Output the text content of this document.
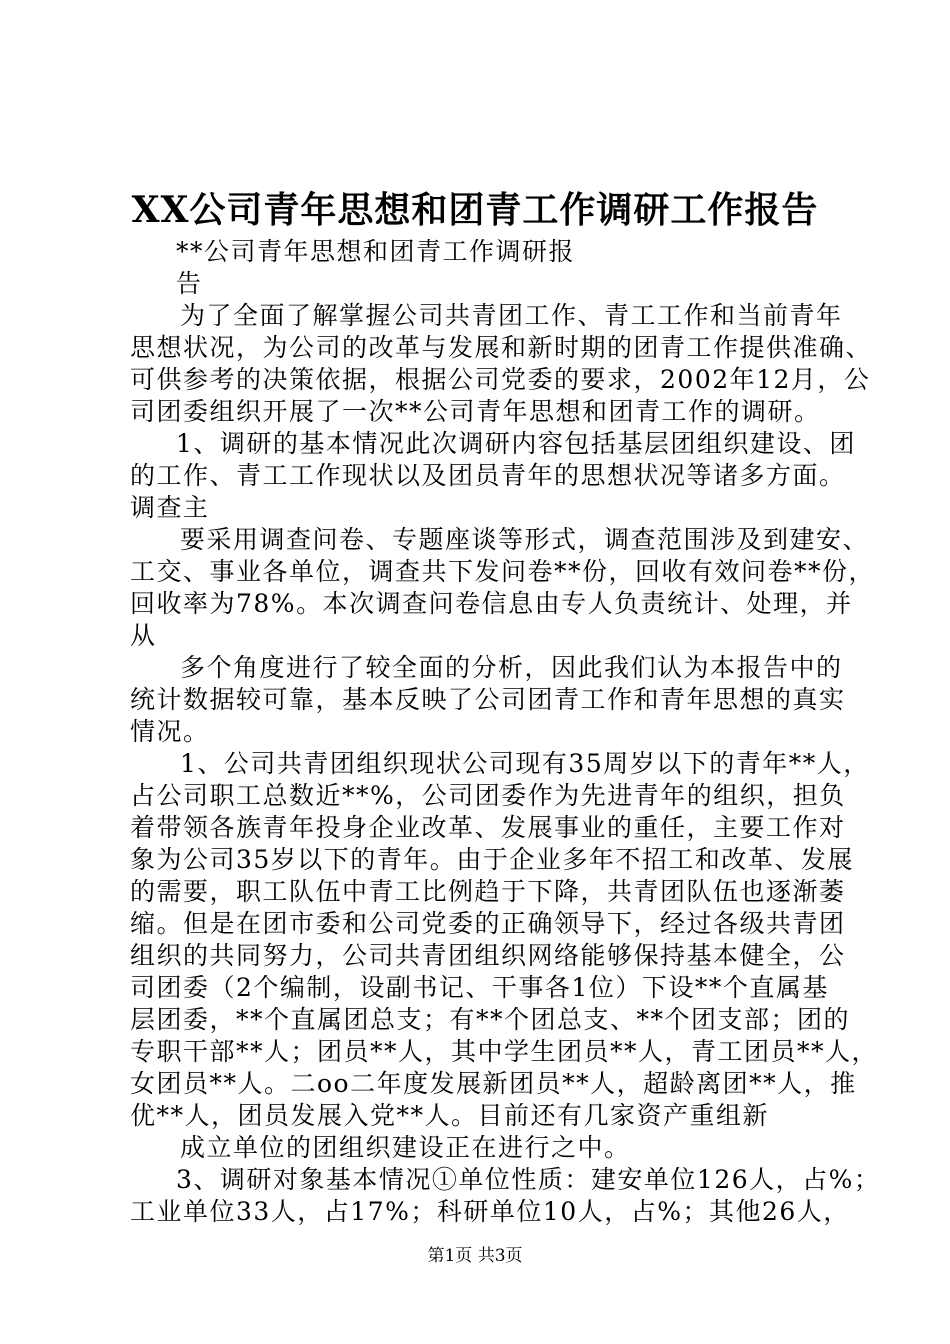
XX公司青年思想和团青工作调研工作报告
**公司青年思想和团青工作调研报
告
为了全面了解掌握公司共青团工作、青工工作和当前青年
思想状况，为公司的改革与发展和新时期的团青工作提供准确、
可供参考的决策依据，根据公司党委的要求，2002年12月，公
司团委组织开展了一次**公司青年思想和团青工作的调研。
1、调研的基本情况此次调研内容包括基层团组织建设、团
的工作、青工工作现状以及团员青年的思想状况等诸多方面。
调查主
要采用调查问卷、专题座谈等形式，调查范围涉及到建安、
工交、事业各单位，调查共下发问卷**份，回收有效问卷**份，
回收率为78%。本次调查问卷信息由专人负责统计、处理，并
从
多个角度进行了较全面的分析，因此我们认为本报告中的
统计数据较可靠，基本反映了公司团青工作和青年思想的真实
情况。
1、公司共青团组织现状公司现有35周岁以下的青年**人，
占公司职工总数近**%，公司团委作为先进青年的组织，担负
着带领各族青年投身企业改革、发展事业的重任，主要工作对
象为公司35岁以下的青年。由于企业多年不招工和改革、发展
的需要，职工队伍中青工比例趋于下降，共青团队伍也逐渐萎
缩。但是在团市委和公司党委的正确领导下，经过各级共青团
组织的共同努力，公司共青团组织网络能够保持基本健全，公
司团委（2个编制，设副书记、干事各1位）下设**个直属基
层团委，**个直属团总支；有**个团总支、**个团支部；团的
专职干部**人；团员**人，其中学生团员**人，青工团员**人，
女团员**人。二oo二年度发展新团员**人，超龄离团**人，推
优**人，团员发展入党**人。目前还有几家资产重组新
成立单位的团组织建设正在进行之中。
3、调研对象基本情况①单位性质：建安单位126人，占%；
工业单位33人，占17%；科研单位10人，占%；其他26人，
第1页 共3页
